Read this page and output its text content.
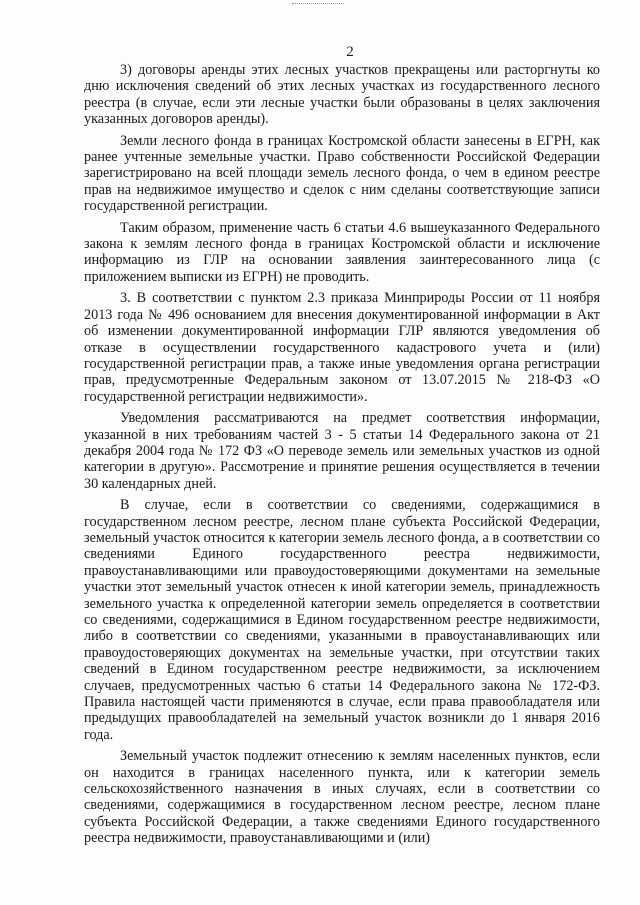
2

3) договоры аренды этих лесных участков прекращены или расторгнуты ко дню исключения сведений об этих лесных участках из государственного лесного реестра (в случае, если эти лесные участки были образованы в целях заключения указанных договоров аренды).

Земли лесного фонда в границах Костромской области занесены в ЕГРН, как ранее учтенные земельные участки. Право собственности Российской Федерации зарегистрировано на всей площади земель лесного фонда, о чем в едином реестре прав на недвижимое имущество и сделок с ним сделаны соответствующие записи государственной регистрации.

Таким образом, применение часть 6 статьи 4.6 вышеуказанного Федерального закона к землям лесного фонда в границах Костромской области и исключение информацию из ГЛР на основании заявления заинтересованного лица (с приложением выписки из ЕГРН) не проводить.

3. В соответствии с пунктом 2.3 приказа Минприроды России от 11 ноября 2013 года № 496 основанием для внесения документированной информации в Акт об изменении документированной информации ГЛР являются уведомления об отказе в осуществлении государственного кадастрового учета и (или) государственной регистрации прав, а также иные уведомления органа регистрации прав, предусмотренные Федеральным законом от 13.07.2015 № 218-ФЗ «О государственной регистрации недвижимости».

Уведомления рассматриваются на предмет соответствия информации, указанной в них требованиям частей 3 - 5 статьи 14 Федерального закона от 21 декабря 2004 года № 172 ФЗ «О переводе земель или земельных участков из одной категории в другую». Рассмотрение и принятие решения осуществляется в течении 30 календарных дней.

В случае, если в соответствии со сведениями, содержащимися в государственном лесном реестре, лесном плане субъекта Российской Федерации, земельный участок относится к категории земель лесного фонда, а в соответствии со сведениями Единого государственного реестра недвижимости, правоустанавливающими или правоудостоверяющими документами на земельные участки этот земельный участок отнесен к иной категории земель, принадлежность земельного участка к определенной категории земель определяется в соответствии со сведениями, содержащимися в Едином государственном реестре недвижимости, либо в соответствии со сведениями, указанными в правоустанавливающих или правоудостоверяющих документах на земельные участки, при отсутствии таких сведений в Едином государственном реестре недвижимости, за исключением случаев, предусмотренных частью 6 статьи 14 Федерального закона № 172-ФЗ. Правила настоящей части применяются в случае, если права правообладателя или предыдущих правообладателей на земельный участок возникли до 1 января 2016 года.

Земельный участок подлежит отнесению к землям населенных пунктов, если он находится в границах населенного пункта, или к категории земель сельскохозяйственного назначения в иных случаях, если в соответствии со сведениями, содержащимися в государственном лесном реестре, лесном плане субъекта Российской Федерации, а также сведениями Единого государственного реестра недвижимости, правоустанавливающими и (или)
